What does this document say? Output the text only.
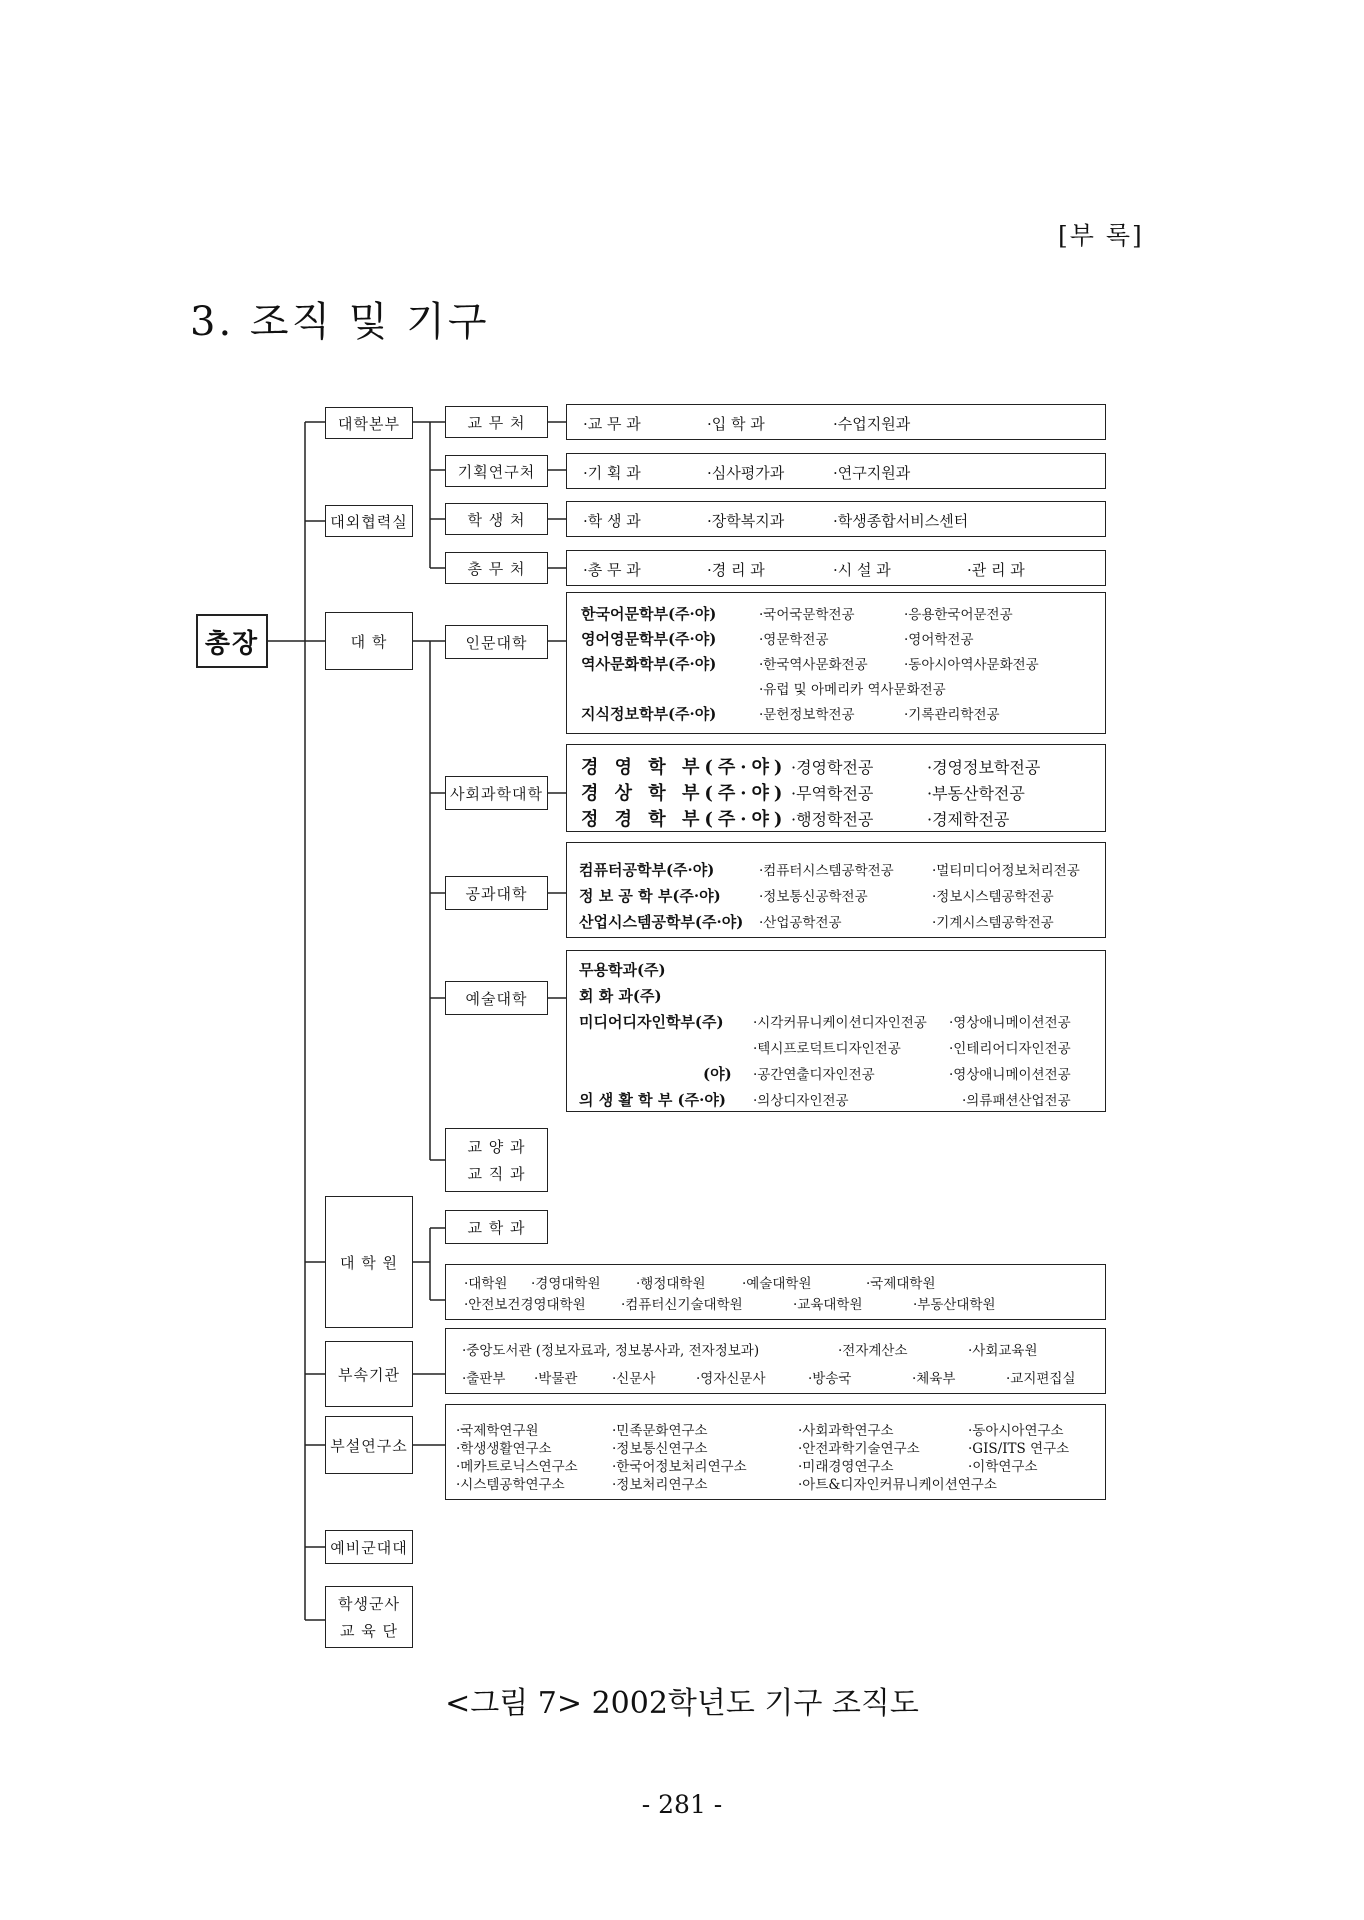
[부 록]
3. 조직 및 기구
총장
대학본부
대외협력실
대 학
대 학 원
부속기관
부설연구소
예비군대대
학생군사
교 육 단
교 무 처
기획연구처
학 생 처
총 무 처
·교 무 과	·입 학 과	·수업지원과
·기 획 과	·심사평가과	·연구지원과
·학 생 과	·장학복지과	·학생종합서비스센터
·총 무 과	·경 리 과	·시 설 과	·관 리 과
인문대학
사회과학대학
공과대학
예술대학
교 양 과
교 직 과
한국어문학부(주·야)	·국어국문학전공	·응용한국어문전공
영어영문학부(주·야)	·영문학전공	·영어학전공
역사문화학부(주·야)	·한국역사문화전공	·동아시아역사문화전공
·유럽 및 아메리카 역사문화전공
지식정보학부(주·야)	·문헌정보학전공	·기록관리학전공
경 영 학 부(주·야) ·경영학전공	·경영정보학전공
경 상 학 부(주·야) ·무역학전공	·부동산학전공
정 경 학 부(주·야) ·행정학전공	·경제학전공
컴퓨터공학부(주·야)	·컴퓨터시스템공학전공	·멀티미디어정보처리전공
정 보 공 학 부(주·야)	·정보통신공학전공	·정보시스템공학전공
산업시스템공학부(주·야) ·산업공학전공	·기계시스템공학전공
무용학과(주)
회 화 과(주)
미디어디자인학부(주) ·시각커뮤니케이션디자인전공 ·영상애니메이션전공
·텍시프로덕트디자인전공	·인테리어디자인전공
(야) ·공간연출디자인전공	·영상애니메이션전공
의 생 활 학 부 (주·야) ·의상디자인전공	·의류패션산업전공
교 학 과
·대학원 ·경영대학원	·행정대학원	·예술대학원	·국제대학원
·안전보건경영대학원	·컴퓨터신기술대학원	·교육대학원	·부동산대학원
·중앙도서관 (정보자료과, 정보봉사과, 전자정보과)	·전자계산소	·사회교육원
·출판부 ·박물관	·신문사	·영자신문사	·방송국	·체육부	·교지편집실
·국제학연구원	·민족문화연구소	·사회과학연구소	·동아시아연구소
·학생생활연구소	·정보통신연구소	·안전과학기술연구소	·GIS/ITS 연구소
·메카트로닉스연구소	·한국어정보처리연구소	·미래경영연구소	·이학연구소
·시스템공학연구소	·정보처리연구소	·아트&디자인커뮤니케이션연구소
<그림 7> 2002학년도 기구 조직도
- 281 -
